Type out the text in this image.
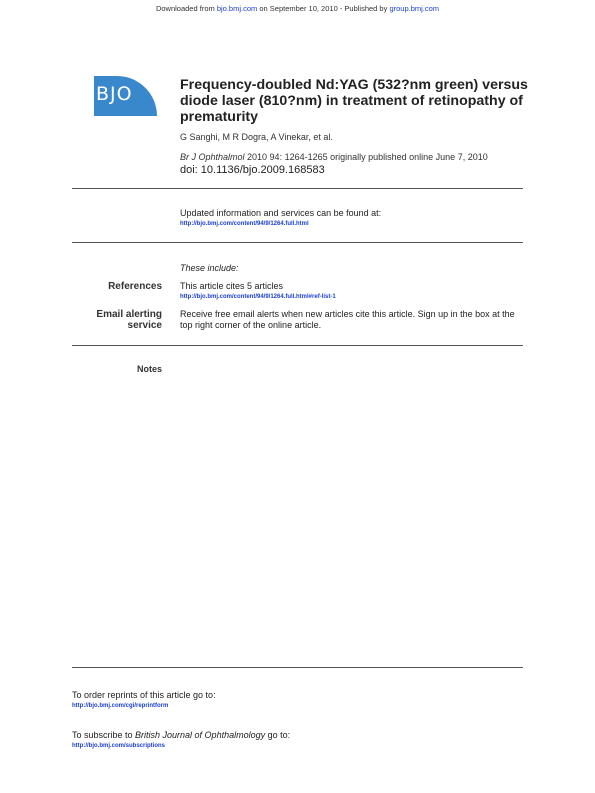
Downloaded from bjo.bmj.com on September 10, 2010 - Published by group.bmj.com
BJO	Frequency-doubled Nd:YAG (532?nm green) versus diode laser (810?nm) in treatment of retinopathy of prematurity
G Sanghi, M R Dogra, A Vinekar, et al.
Br J Ophthalmol 2010 94: 1264-1265 originally published online June 7, 2010
doi: 10.1136/bjo.2009.168583
Updated information and services can be found at:
http://bjo.bmj.com/content/94/9/1264.full.html
These include:
References This article cites 5 articles
http://bjo.bmj.com/content/94/9/1264.full.html#ref-list-1
Email alerting
service
Receive free email alerts when new articles cite this article. Sign up in the box at the top right corner of the online article.
Notes
To order reprints of this article go to:
http://bjo.bmj.com/cgi/reprintform
To subscribe to British Journal of Ophthalmology go to:
http://bjo.bmj.com/subscriptions
